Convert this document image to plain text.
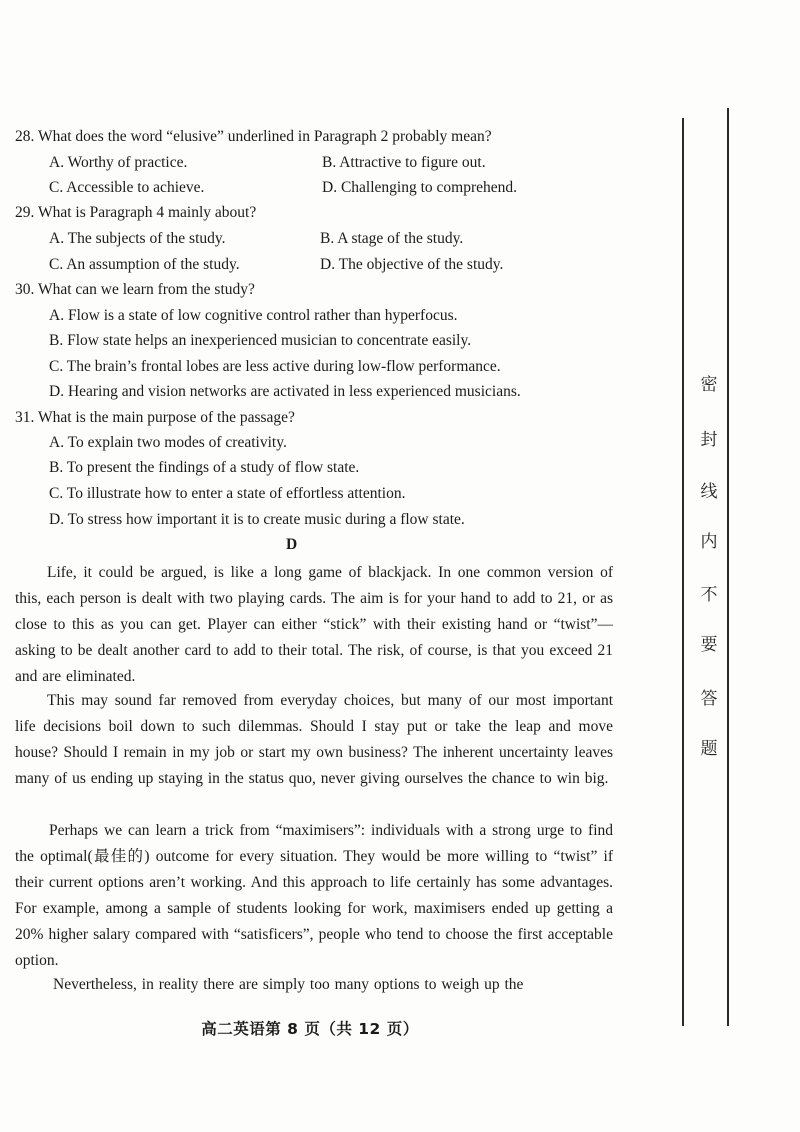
28. What does the word “elusive” underlined in Paragraph 2 probably mean?
A. Worthy of practice.	B. Attractive to figure out.
C. Accessible to achieve.	D. Challenging to comprehend.
29. What is Paragraph 4 mainly about?
A. The subjects of the study.	B. A stage of the study.
C. An assumption of the study.	D. The objective of the study.
30. What can we learn from the study?
A. Flow is a state of low cognitive control rather than hyperfocus.
B. Flow state helps an inexperienced musician to concentrate easily.
C. The brain’s frontal lobes are less active during low-flow performance.
D. Hearing and vision networks are activated in less experienced musicians.
31. What is the main purpose of the passage?
A. To explain two modes of creativity.
B. To present the findings of a study of flow state.
C. To illustrate how to enter a state of effortless attention.
D. To stress how important it is to create music during a flow state.
D
Life, it could be argued, is like a long game of blackjack. In one common version of this, each person is dealt with two playing cards. The aim is for your hand to add to 21, or as close to this as you can get. Player can either “stick” with their existing hand or “twist”—asking to be dealt another card to add to their total. The risk, of course, is that you exceed 21 and are eliminated.
This may sound far removed from everyday choices, but many of our most important life decisions boil down to such dilemmas. Should I stay put or take the leap and move house? Should I remain in my job or start my own business? The inherent uncertainty leaves many of us ending up staying in the status quo, never giving ourselves the chance to win big.
Perhaps we can learn a trick from “maximisers”: individuals with a strong urge to find the optimal(最佳的) outcome for every situation. They would be more willing to “twist” if their current options aren’t working. And this approach to life certainly has some advantages. For example, among a sample of students looking for work, maximisers ended up getting a 20% higher salary compared with “satisficers”, people who tend to choose the first acceptable option.
Nevertheless, in reality there are simply too many options to weigh up the
高二英语第 8 页（共 12 页）
密
封
线
内
不
要
答
题
